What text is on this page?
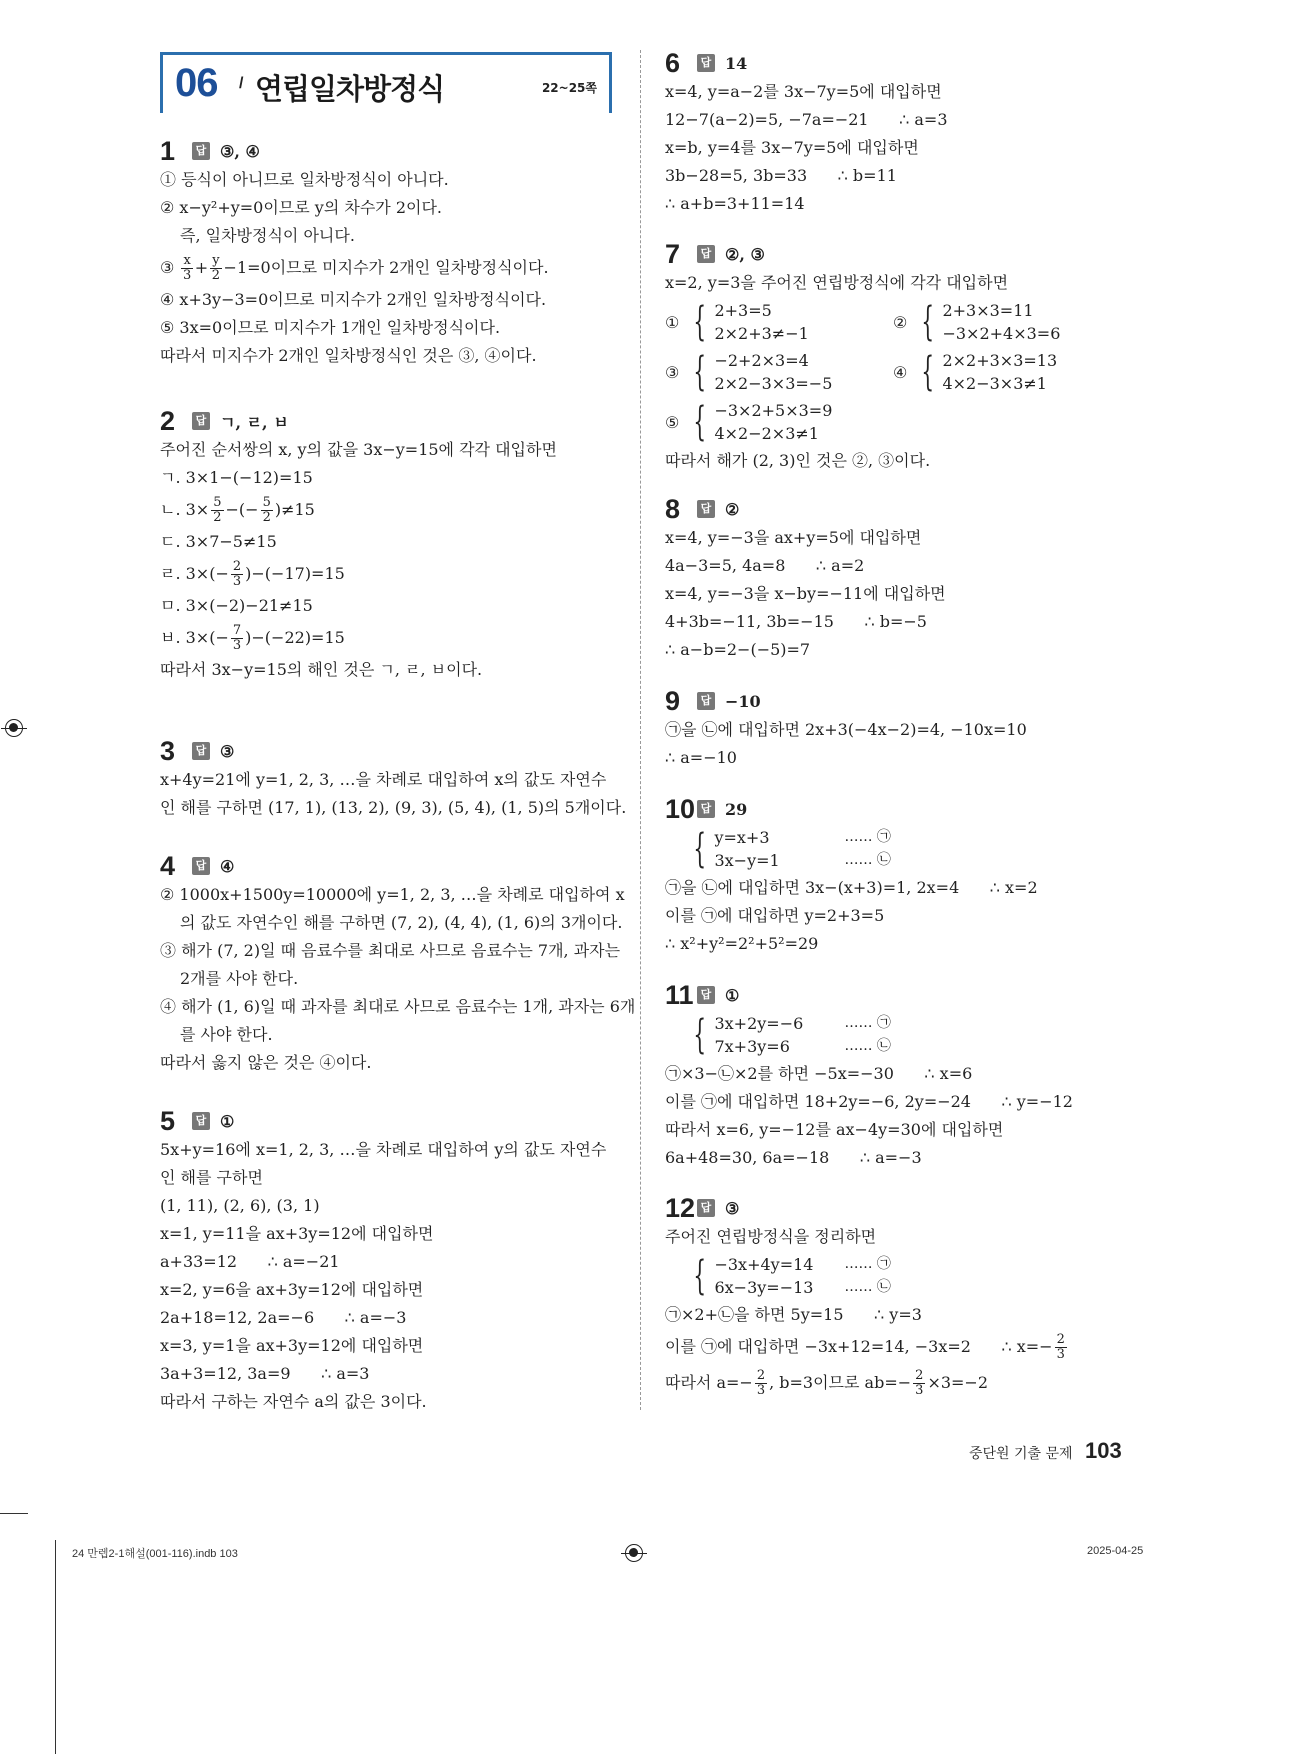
06 / 연립일차방정식	22~25쪽
1	답 ③, ④
① 등식이 아니므로 일차방정식이 아니다.
② x−y²+y=0이므로 y의 차수가 2이다.
즉, 일차방정식이 아니다.
③ $\frac{x}{3} + \frac{y}{2} -1=0$이므로 미지수가 2개인 일차방정식이다.
④ x+3y−3=0이므로 미지수가 2개인 일차방정식이다.
⑤ 3x=0이므로 미지수가 1개인 일차방정식이다.
따라서 미지수가 2개인 일차방정식인 것은 ③, ④이다.
2	답 ㄱ, ㄹ, ㅂ
주어진 순서쌍의 x, y의 값을 3x−y=15에 각각 대입하면
ㄱ. 3×1−(−12)=15
ㄴ. $3\times \frac{5}{2}$ −(− $\frac{5}{2} )\ne 15$
ㄷ. 3×7−5≠15
ㄹ. $3\times(- \frac{2}{3} )-(-17)=15$
ㅁ. 3×(−2)−21≠15
ㅂ. $3\times(- \frac{7}{3} )-(-22)=15$
따라서 3x−y=15의 해인 것은 ㄱ, ㄹ, ㅂ이다.
3	답 ③
x+4y=21에 y=1, 2, 3, …을 차례로 대입하여 x의 값도 자연수
인 해를 구하면 (17, 1), (13, 2), (9, 3), (5, 4), (1, 5)의 5개이다.
4	답 ④
② 1000x+1500y=10000에 y=1, 2, 3, …을 차례로 대입하여 x
의 값도 자연수인 해를 구하면 (7, 2), (4, 4), (1, 6)의 3개이다.
③ 해가 (7, 2)일 때 음료수를 최대로 사므로 음료수는 7개, 과자는
2개를 사야 한다.
④ 해가 (1, 6)일 때 과자를 최대로 사므로 음료수는 1개, 과자는 6개
를 사야 한다.
따라서 옳지 않은 것은 ④이다.
5	답 ①
5x+y=16에 x=1, 2, 3, …을 차례로 대입하여 y의 값도 자연수
인 해를 구하면
(1, 11), (2, 6), (3, 1)
x=1, y=11을 ax+3y=12에 대입하면
a+33=12      ∴ a=−21
x=2, y=6을 ax+3y=12에 대입하면
2a+18=12, 2a=−6      ∴ a=−3
x=3, y=1을 ax+3y=12에 대입하면
3a+3=12, 3a=9      ∴ a=3
따라서 구하는 자연수 a의 값은 3이다.
6	답 14
x=4, y=a−2를 3x−7y=5에 대입하면
12−7(a−2)=5, −7a=−21      ∴ a=3
x=b, y=4를 3x−7y=5에 대입하면
3b−28=5, 3b=33      ∴ b=11
∴ a+b=3+11=14
7	답 ②, ③
x=2, y=3을 주어진 연립방정식에 각각 대입하면
① { 2+3=5
2×2+3≠−1
② { 2+3×3=11
−3×2+4×3=6
③ { −2+2×3=4
2×2−3×3=−5
④ { 2×2+3×3=13
4×2−3×3≠1
⑤ { −3×2+5×3=9
4×2−2×3≠1
따라서 해가 (2, 3)인 것은 ②, ③이다.
8	답 ②
x=4, y=−3을 ax+y=5에 대입하면
4a−3=5, 4a=8      ∴ a=2
x=4, y=−3을 x−by=−11에 대입하면
4+3b=−11, 3b=−15      ∴ b=−5
∴ a−b=2−(−5)=7
9	답 −10
㉠을 ㉡에 대입하면 2x+3(−4x−2)=4, −10x=10
∴ a=−10
10 답 29
{ y=x+3	…… ㉠
3x−y=1	…… ㉡
㉠을 ㉡에 대입하면 3x−(x+3)=1, 2x=4      ∴ x=2
이를 ㉠에 대입하면 y=2+3=5
∴ x²+y²=2²+5²=29
11 답 ①
{ 3x+2y=−6	…… ㉠
7x+3y=6	…… ㉡
㉠×3−㉡×2를 하면 −5x=−30      ∴ x=6
이를 ㉠에 대입하면 18+2y=−6, 2y=−24      ∴ y=−12
따라서 x=6, y=−12를 ax−4y=30에 대입하면
6a+48=30, 6a=−18      ∴ a=−3
12 답 ③
주어진 연립방정식을 정리하면
{ −3x+4y=14 …… ㉠
6x−3y=−13 …… ㉡
㉠×2+㉡을 하면 5y=15      ∴ y=3
이를 ㉠에 대입하면 −3x+12=14, −3x=2      ∴ $x=- \frac{2}{3}$
따라서 $a=- \frac{2}{3}$ , b=3이므로 $ab=- \frac{2}{3} \times 3=-2$
중단원 기출 문제 103
24 만렙2-1해설(001-116).indb 103	2025-04-25
